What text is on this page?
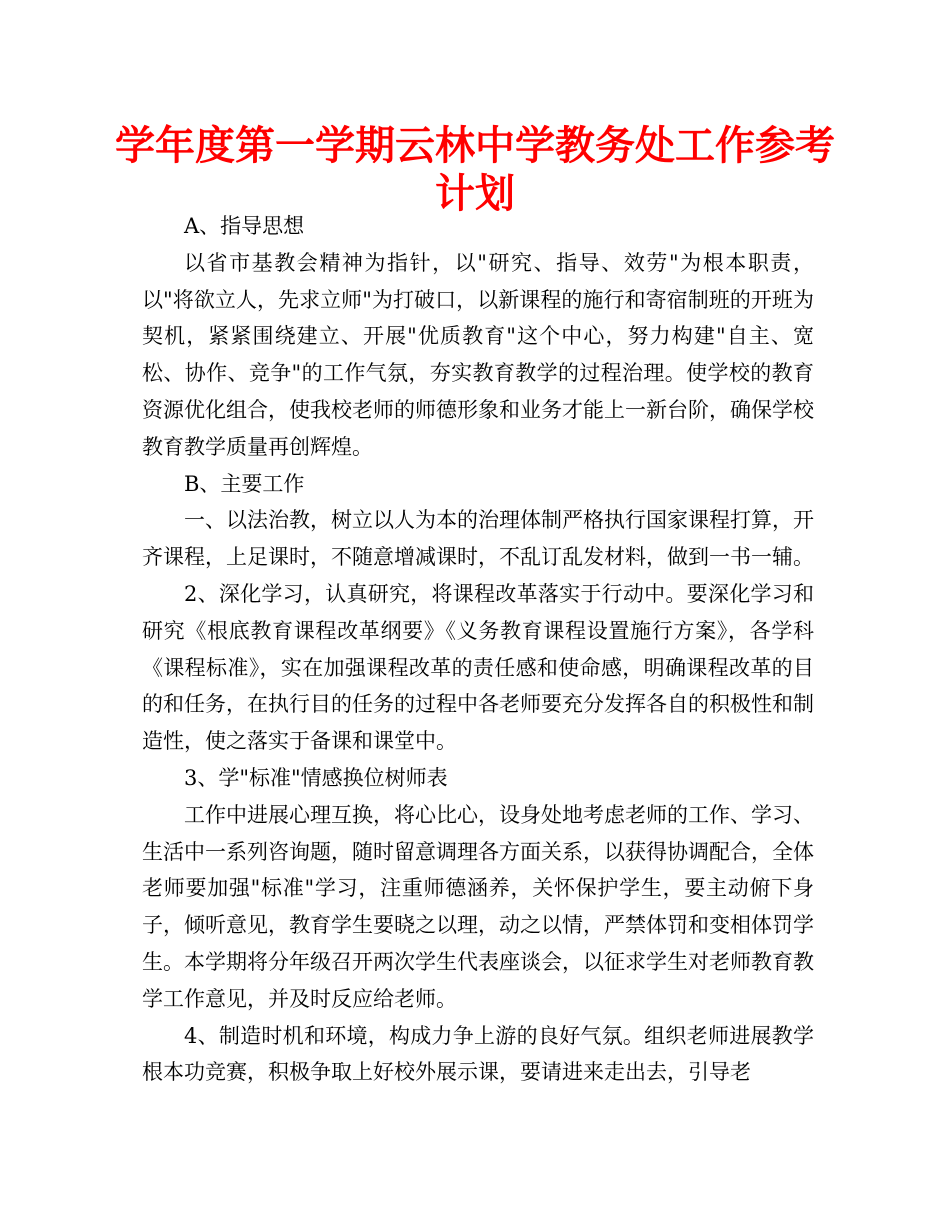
学年度第一学期云林中学教务处工作参考
计划

A、指导思想

以省市基教会精神为指针，以"研究、指导、效劳"为根本职责，以"将欲立人，先求立师"为打破口，以新课程的施行和寄宿制班的开班为契机，紧紧围绕建立、开展"优质教育"这个中心，努力构建"自主、宽松、协作、竞争"的工作气氛，夯实教育教学的过程治理。使学校的教育资源优化组合，使我校老师的师德形象和业务才能上一新台阶，确保学校教育教学质量再创辉煌。

B、主要工作

一、以法治教，树立以人为本的治理体制严格执行国家课程打算，开齐课程，上足课时，不随意增减课时，不乱订乱发材料，做到一书一辅。

2、深化学习，认真研究，将课程改革落实于行动中。要深化学习和研究《根底教育课程改革纲要》《义务教育课程设置施行方案》，各学科《课程标准》，实在加强课程改革的责任感和使命感，明确课程改革的目的和任务，在执行目的任务的过程中各老师要充分发挥各自的积极性和制造性，使之落实于备课和课堂中。

3、学"标准"情感换位树师表

工作中进展心理互换，将心比心，设身处地考虑老师的工作、学习、生活中一系列咨询题，随时留意调理各方面关系，以获得协调配合，全体老师要加强"标准"学习，注重师德涵养，关怀保护学生，要主动俯下身子，倾听意见，教育学生要晓之以理，动之以情，严禁体罚和变相体罚学生。本学期将分年级召开两次学生代表座谈会，以征求学生对老师教育教学工作意见，并及时反应给老师。

4、制造时机和环境，构成力争上游的良好气氛。组织老师进展教学根本功竞赛，积极争取上好校外展示课，要请进来走出去，引导老
